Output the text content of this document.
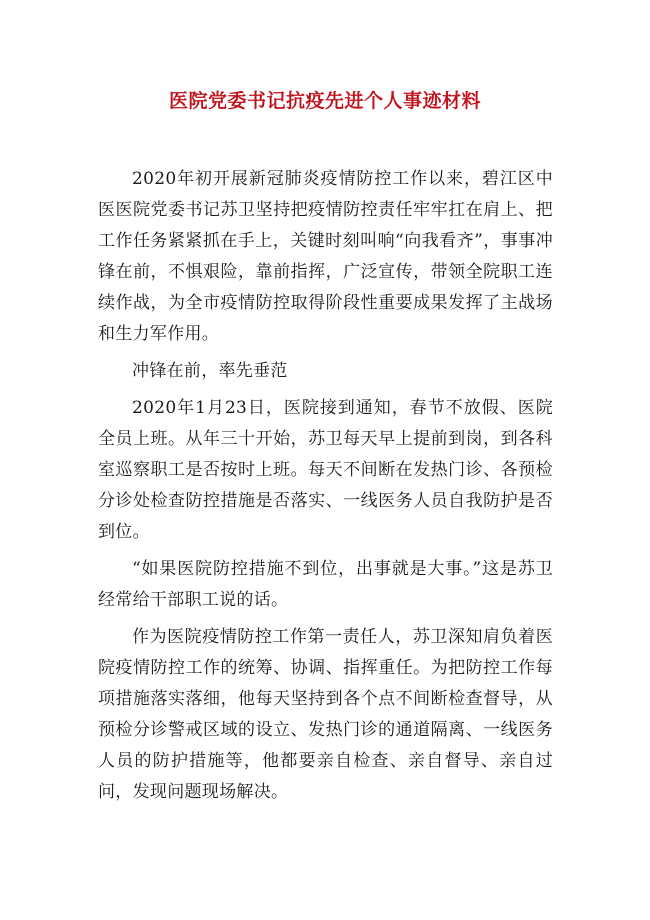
医院党委书记抗疫先进个人事迹材料

2020年初开展新冠肺炎疫情防控工作以来，碧江区中医医院党委书记苏卫坚持把疫情防控责任牢牢扛在肩上、把工作任务紧紧抓在手上，关键时刻叫响“向我看齐”，事事冲锋在前，不惧艰险，靠前指挥，广泛宣传，带领全院职工连续作战，为全市疫情防控取得阶段性重要成果发挥了主战场和生力军作用。

冲锋在前，率先垂范

2020年1月23日，医院接到通知，春节不放假、医院全员上班。从年三十开始，苏卫每天早上提前到岗，到各科室巡察职工是否按时上班。每天不间断在发热门诊、各预检分诊处检查防控措施是否落实、一线医务人员自我防护是否到位。

“如果医院防控措施不到位，出事就是大事。”这是苏卫经常给干部职工说的话。

作为医院疫情防控工作第一责任人，苏卫深知肩负着医院疫情防控工作的统筹、协调、指挥重任。为把防控工作每项措施落实落细，他每天坚持到各个点不间断检查督导，从预检分诊警戒区域的设立、发热门诊的通道隔离、一线医务人员的防护措施等，他都要亲自检查、亲自督导、亲自过问，发现问题现场解决。
